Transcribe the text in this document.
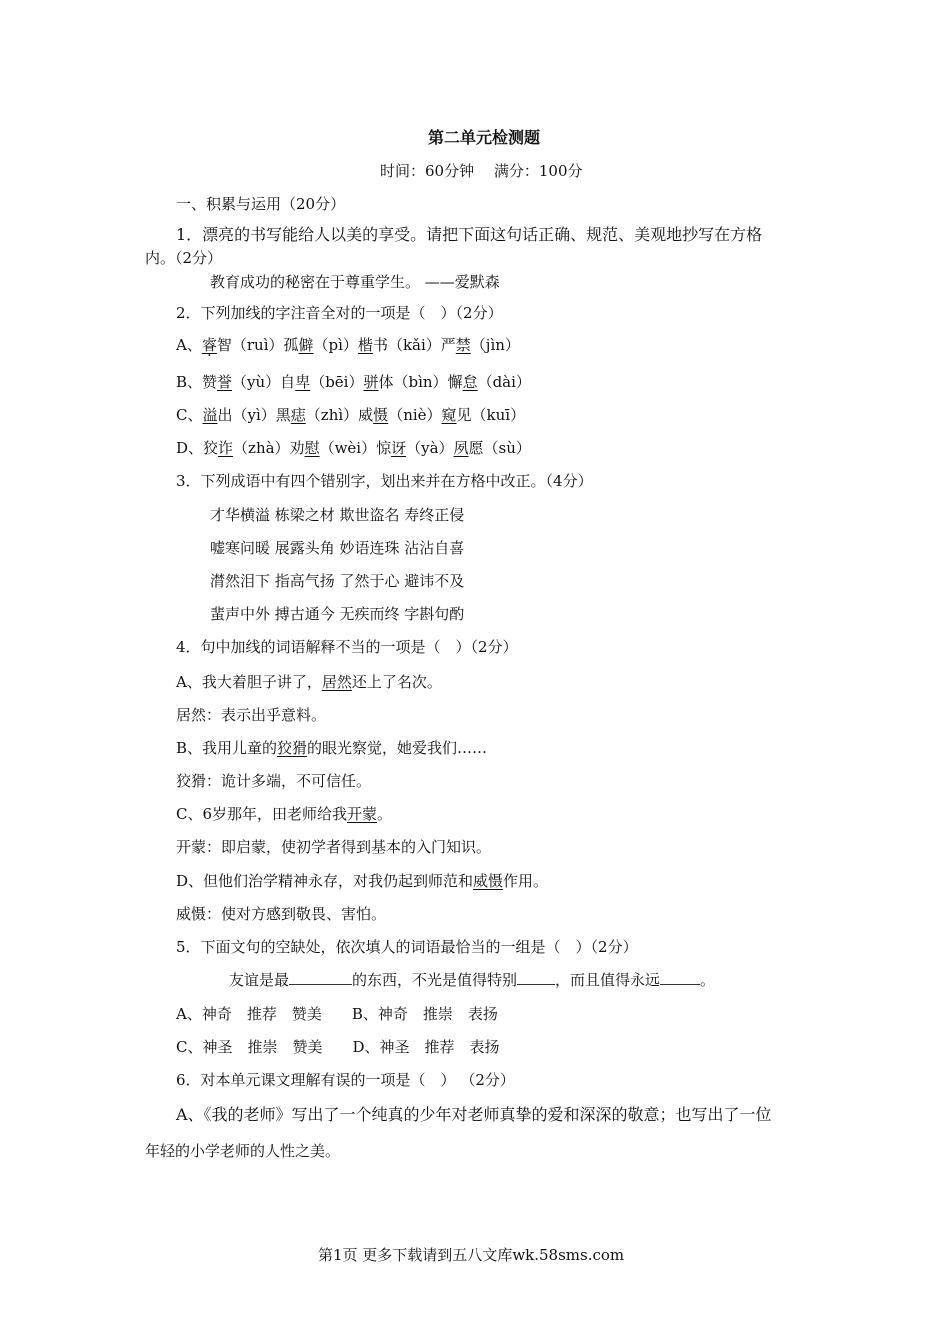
第二单元检测题
时间：60分钟　 满分：100分
一、积累与运用（20分）
1．漂亮的书写能给人以美的享受。请把下面这句话正确、规范、美观地抄写在方格
内。（2分）
教育成功的秘密在于尊重学生。 ——爱默森
2．下列加线的字注音全对的一项是（　）（2分）
A、睿智（ruì）孤僻（pì）楷书（kǎi）严禁（jìn）
B、赞誉（yù）自卑（bēi）骈体（bìn）懈怠（dài）
C、溢出（yì）黑痣（zhì）威慑（niè）窥见（kuī）
D、狡诈（zhà）劝慰（wèi）惊讶（yà）夙愿（sù）
3．下列成语中有四个错别字，划出来并在方格中改正。（4分）
才华横溢 栋梁之材 欺世盗名 寿终正侵
嘘寒问暖 展露头角 妙语连珠 沾沾自喜
潸然泪下 指高气扬 了然于心 避讳不及
蜚声中外 搏古通今 无疾而终 字斟句酌
4．句中加线的词语解释不当的一项是（　）（2分）
A、我大着胆子讲了，居然还上了名次。
居然：表示出乎意料。
B、我用儿童的狡猾的眼光察觉，她爱我们……
狡猾：诡计多端，不可信任。
C、6岁那年，田老师给我开蒙。
开蒙：即启蒙，使初学者得到基本的入门知识。
D、但他们治学精神永存，对我仍起到师范和威慑作用。
威慑：使对方感到敬畏、害怕。
5．下面文句的空缺处，依次填人的词语最恰当的一组是（　）（2分）
友谊是最	的东西，不光是值得特别	，而且值得永远	。
A、神奇　推荐　赞美　　B、神奇　推崇　表扬
C、神圣　推崇　赞美　　D、神圣　推荐　表扬
6．对本单元课文理解有误的一项是（　） （2分）
A、《我的老师》写出了一个纯真的少年对老师真挚的爱和深深的敬意；也写出了一位
年轻的小学老师的人性之美。
第1页 更多下载请到五八文库wk.58sms.com
